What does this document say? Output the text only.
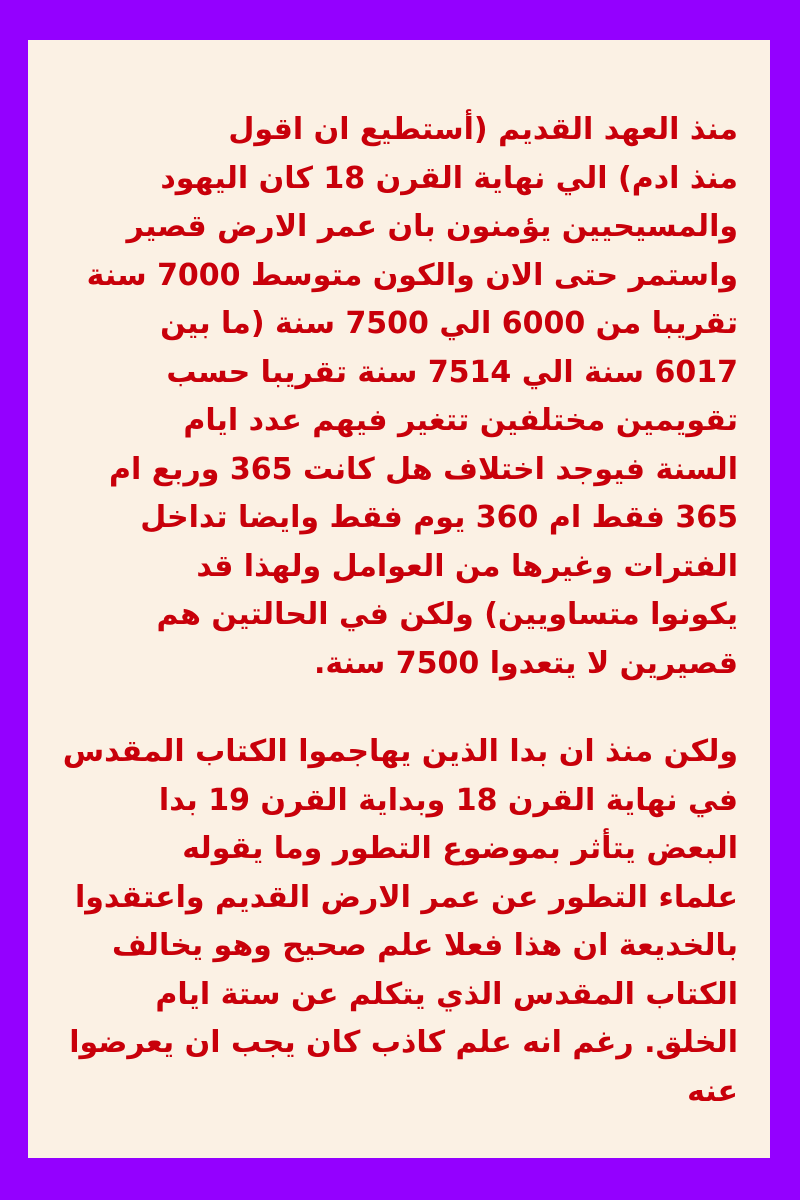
منذ العهد القديم (أستطيع ان اقول
منذ ادم) الي نهاية القرن 18 كان اليهود
والمسيحيين يؤمنون بان عمر الارض قصير
واستمر حتى الان والكون متوسط 7000 سنة
تقريبا من 6000 الي 7500 سنة (ما بين
6017 سنة الي 7514 سنة تقريبا حسب
تقويمين مختلفين تتغير فيهم عدد ايام
السنة فيوجد اختلاف هل كانت 365 وربع ام
365 فقط ام 360 يوم فقط وايضا تداخل
الفترات وغيرها من العوامل ولهذا قد
يكونوا متساويين) ولكن في الحالتين هم
قصيرين لا يتعدوا 7500 سنة.
ولكن منذ ان بدا الذين يهاجموا الكتاب المقدس
في نهاية القرن 18 وبداية القرن 19 بدا
البعض يتأثر بموضوع التطور وما يقوله
علماء التطور عن عمر الارض القديم واعتقدوا
بالخديعة ان هذا فعلا علم صحيح وهو يخالف
الكتاب المقدس الذي يتكلم عن ستة ايام
الخلق. رغم انه علم كاذب كان يجب ان يعرضوا
عنه
